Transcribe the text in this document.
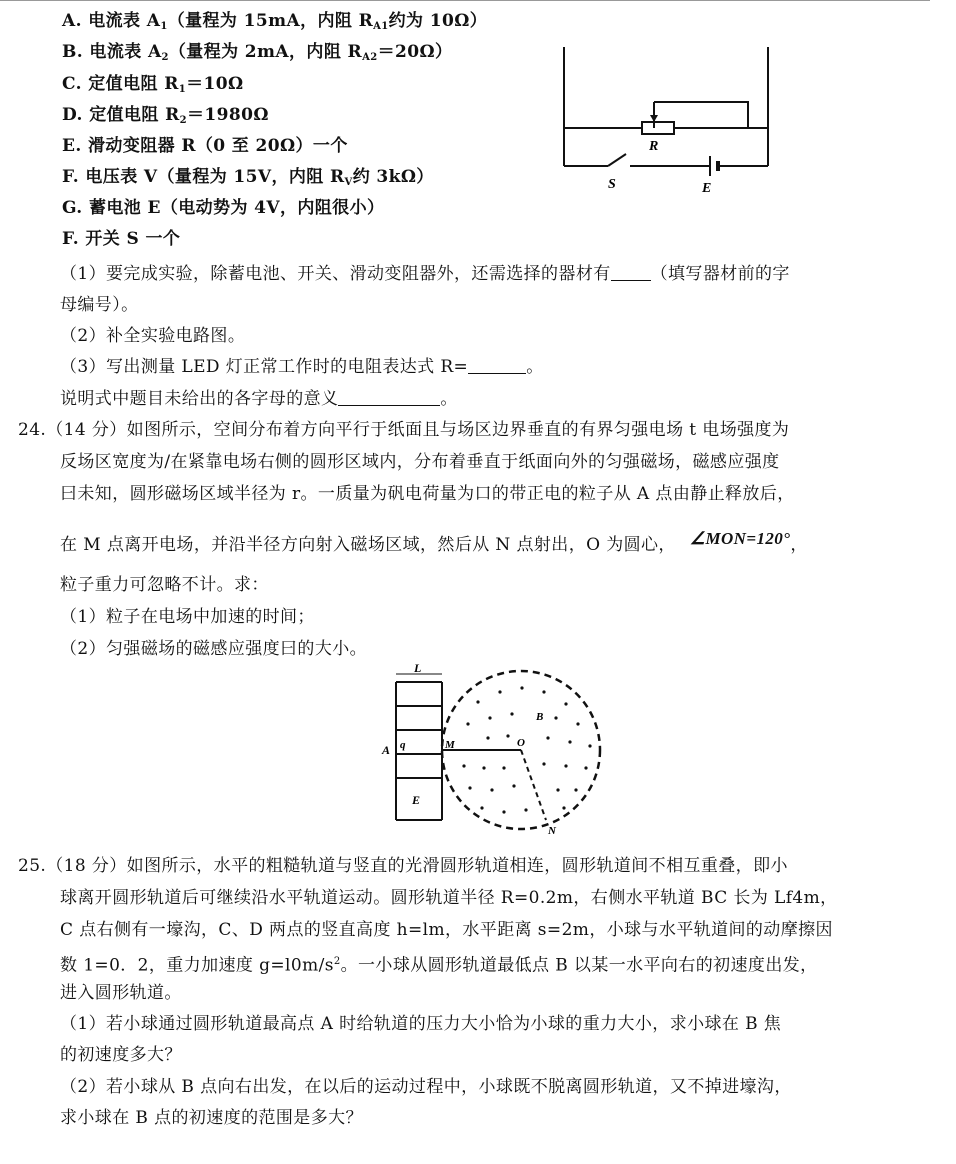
A. 电流表 $A_1$（量程为 15mA，内阻 $R_{A1}$约为 10Ω）
B. 电流表 $A_2$（量程为 2mA，内阻 $R_{A2}=20\Omega$）
C. 定值电阻 $R_1=10\Omega$
D. 定值电阻 $R_2=1980\Omega$
E. 滑动变阻器 R（0 至 20Ω）一个
F. 电压表 V（量程为 15V，内阻 $R_V$约 3kΩ）
G. 蓄电池 E（电动势为 4V，内阻很小）
F. 开关 S 一个
R
S	E
（1）要完成实验，除蓄电池、开关、滑动变阻器外，还需选择的器材有 （填写器材前的字
母编号）。
（2）补全实验电路图。
（3）写出测量 LED 灯正常工作时的电阻表达式 R=	。
说明式中题目未给出的各字母的意义	。
24.（14 分）如图所示，空间分布着方向平行于纸面且与场区边界垂直的有界匀强电场 t 电场强度为
反场区宽度为/在紧靠电场右侧的圆形区域内，分布着垂直于纸面向外的匀强磁场，磁感应强度
曰未知，圆形磁场区域半径为 r。一质量为矾电荷量为口的带正电的粒子从 A 点由静止释放后，
在 M 点离开电场，并沿半径方向射入磁场区域，然后从 N 点射出，O 为圆心， ∠MON=120°，
粒子重力可忽略不计。求：
（1）粒子在电场中加速的时间；
（2）匀强磁场的磁感应强度曰的大小。
L
A q	M	O
B
E
N
25.（18 分）如图所示，水平的粗糙轨道与竖直的光滑圆形轨道相连，圆形轨道间不相互重叠，即小
球离开圆形轨道后可继续沿水平轨道运动。圆形轨道半径 R=0.2m，右侧水平轨道 BC 长为 Lf4m，
C 点右侧有一壕沟，C、D 两点的竖直高度 h=lm，水平距离 s=2m，小球与水平轨道间的动摩擦因
数 1=0．2，重力加速度 $g=l0m/s^2$。一小球从圆形轨道最低点 B 以某一水平向右的初速度出发，
进入圆形轨道。
（1）若小球通过圆形轨道最高点 A 时给轨道的压力大小恰为小球的重力大小，求小球在 B 焦
的初速度多大？
（2）若小球从 B 点向右出发，在以后的运动过程中，小球既不脱离圆形轨道，又不掉进壕沟，
求小球在 B 点的初速度的范围是多大？
